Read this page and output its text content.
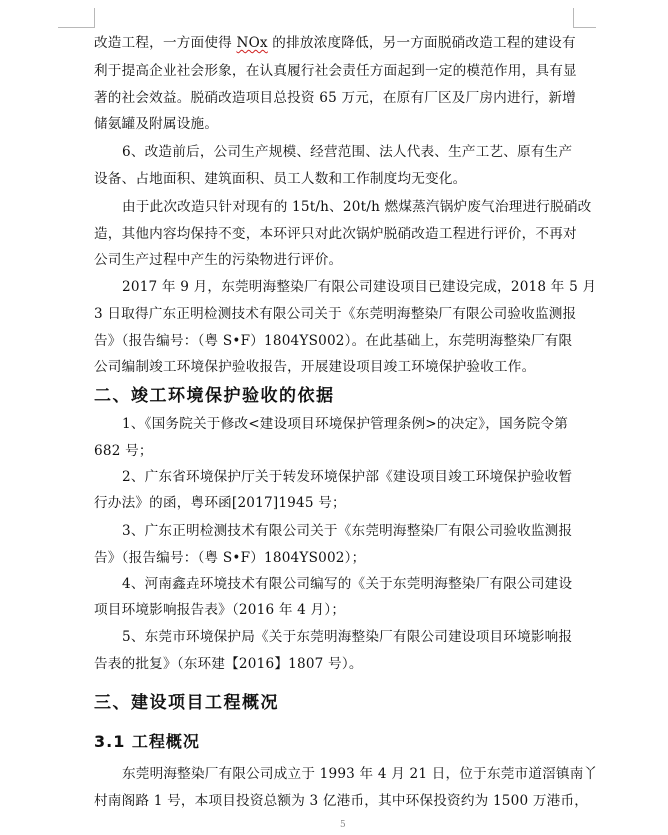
改造工程，一方面使得 NOx 的排放浓度降低，另一方面脱硝改造工程的建设有
利于提高企业社会形象，在认真履行社会责任方面起到一定的模范作用，具有显
著的社会效益。脱硝改造项目总投资 65 万元，在原有厂区及厂房内进行，新增
储氨罐及附属设施。
6、改造前后，公司生产规模、经营范围、法人代表、生产工艺、原有生产
设备、占地面积、建筑面积、员工人数和工作制度均无变化。
由于此次改造只针对现有的 15t/h、20t/h 燃煤蒸汽锅炉废气治理进行脱硝改
造，其他内容均保持不变，本环评只对此次锅炉脱硝改造工程进行评价，不再对
公司生产过程中产生的污染物进行评价。
2017 年 9 月，东莞明海整染厂有限公司建设项目已建设完成，2018 年 5 月
3 日取得广东正明检测技术有限公司关于《东莞明海整染厂有限公司验收监测报
告》（报告编号：（粤 S•F）1804YS002）。在此基础上，东莞明海整染厂有限
公司编制竣工环境保护验收报告，开展建设项目竣工环境保护验收工作。
二、竣工环境保护验收的依据
1、《国务院关于修改<建设项目环境保护管理条例>的决定》，国务院令第
682 号；
2、广东省环境保护厅关于转发环境保护部《建设项目竣工环境保护验收暂
行办法》的函，粤环函[2017]1945 号；
3、广东正明检测技术有限公司关于《东莞明海整染厂有限公司验收监测报
告》（报告编号：（粤 S•F）1804YS002）；
4、河南鑫垚环境技术有限公司编写的《关于东莞明海整染厂有限公司建设
项目环境影响报告表》（2016 年 4 月）；
5、东莞市环境保护局《关于东莞明海整染厂有限公司建设项目环境影响报
告表的批复》（东环建【2016】1807 号）。
三、建设项目工程概况
3.1 工程概况
东莞明海整染厂有限公司成立于 1993 年 4 月 21 日，位于东莞市道滘镇南丫
村南阁路 1 号，本项目投资总额为 3 亿港币，其中环保投资约为 1500 万港币，
5
